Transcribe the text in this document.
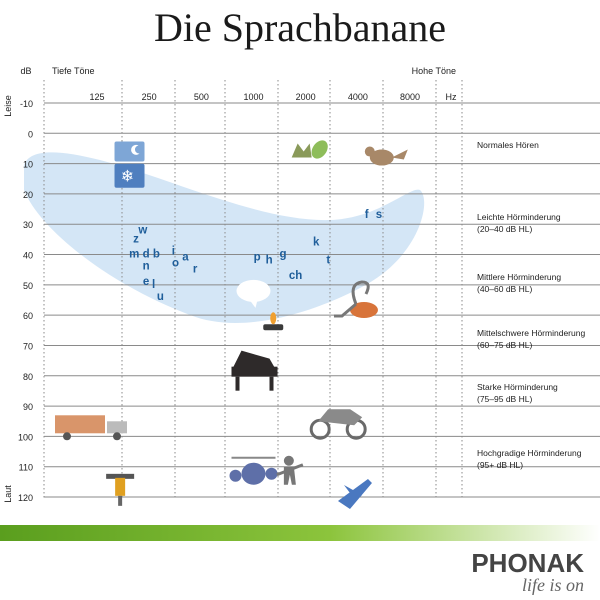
Die Sprachbanane
-10
0
10
20
30
40
50
60
70
80
90
100
110
120
125	250	500	1000	2000	4000	8000	Hz
dB Tiefe Töne	Hohe Töne
Leise
Laut
Normales Hören
Leichte Hörminderung
(20–40 dB HL)
Mittlere Hörminderung
(40–60 dB HL)
Mittelschwere Hörminderung
(60–75 dB HL)
Starke Hörminderung
(75–95 dB HL)
Hochgradige Hörminderung
(95+ dB HL)
❄
z
w
m d b
n
e l
u
i
o
a
r
p h
g
ch
k
t
f s
PHONAK
life is on
